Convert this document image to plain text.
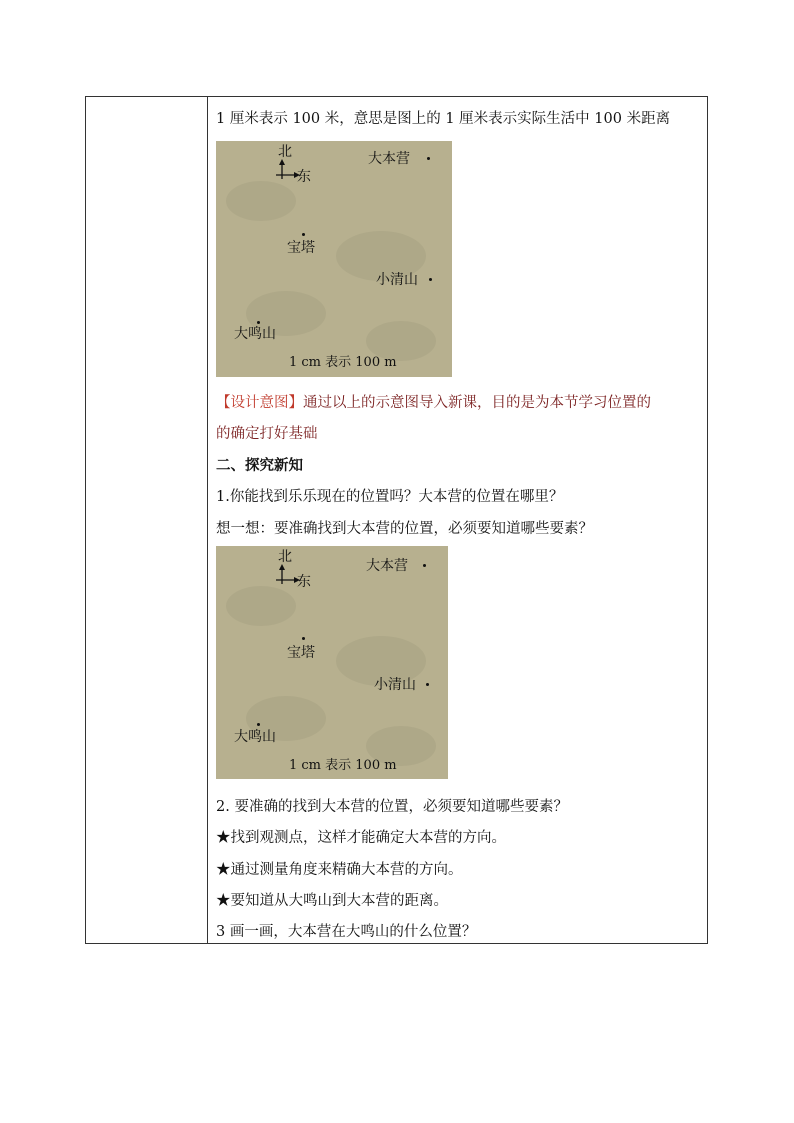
1 厘米表示 100 米，意思是图上的 1 厘米表示实际生活中 100 米距离
北
东
大本营
宝塔
小清山
大鸣山
1 cm 表示 100 m
【设计意图】通过以上的示意图导入新课，目的是为本节学习位置的
的确定打好基础
二、探究新知
1.你能找到乐乐现在的位置吗？大本营的位置在哪里？
想一想：要准确找到大本营的位置，必须要知道哪些要素？
北
东
大本营
宝塔
小清山
大鸣山
1 cm 表示 100 m
2. 要准确的找到大本营的位置，必须要知道哪些要素？
★找到观测点，这样才能确定大本营的方向。
★通过测量角度来精确大本营的方向。
★要知道从大鸣山到大本营的距离。
3 画一画，大本营在大鸣山的什么位置？
